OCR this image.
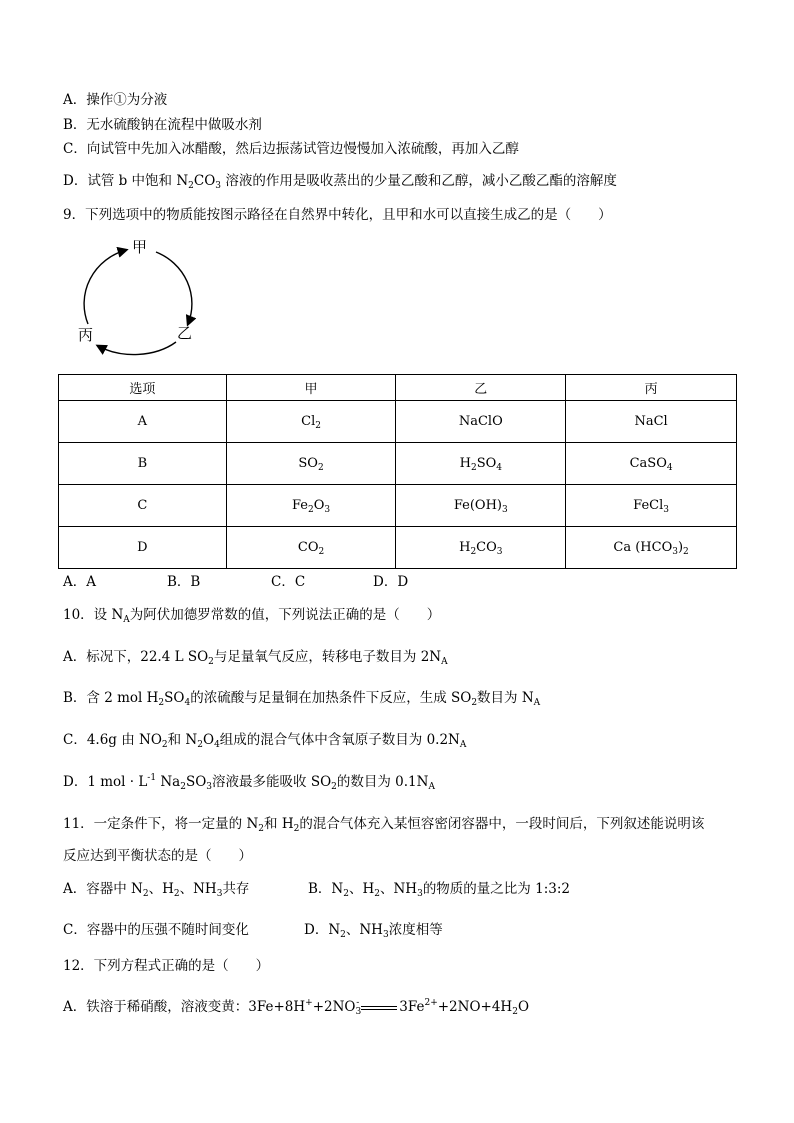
A．操作①为分液
B．无水硫酸钠在流程中做吸水剂
C．向试管中先加入冰醋酸，然后边振荡试管边慢慢加入浓硫酸，再加入乙醇
D．试管 b 中饱和 $N_2CO_3$ 溶液的作用是吸收蒸出的少量乙酸和乙醇，减小乙酸乙酯的溶解度
9．下列选项中的物质能按图示路径在自然界中转化，且甲和水可以直接生成乙的是（　　）
甲
乙
丙
选项	甲	乙	丙
A	$Cl_2$	NaClO	NaCl
B	$SO_2$	$H_2SO_4$	CaSO$_4$
C	$Fe_2O_3$	$Fe(OH)_3$	FeCl$_3$
D	$CO_2$	$H_2CO_3$	Ca $(HCO_3)_2$
A．A	B．B	C．C	D．D
10．设 $N_A$为阿伏加德罗常数的值，下列说法正确的是（　　）
A．标况下，22.4 L $SO_2$与足量氧气反应，转移电子数目为 $2N_A$
B．含 2 mol $H_2SO_4$的浓硫酸与足量铜在加热条件下反应，生成 $SO_2$数目为 $N_A$
C．4.6g 由 $NO_2$和 $N_2O_4$组成的混合气体中含氧原子数目为 $0.2N_A$
D．1 mol · $L^{-1}$ $Na_2SO_3$溶液最多能吸收 $SO_2$的数目为 $0.1N_A$
11．一定条件下，将一定量的 $N_2$和 $H_2$的混合气体充入某恒容密闭容器中，一段时间后，下列叙述能说明该
反应达到平衡状态的是（　　）
A．容器中 $N_2$、$H_2$、$NH_3$共存	B．$N_2$、$H_2$、$NH_3$的物质的量之比为 1:3:2
C．容器中的压强不随时间变化	D．$N_2$、$NH_3$浓度相等
12．下列方程式正确的是（　　）
A．铁溶于稀硝酸，溶液变黄：$3Fe+8H^++2NO_3^-$	$3Fe^{2+}+2NO+4H_2O$
